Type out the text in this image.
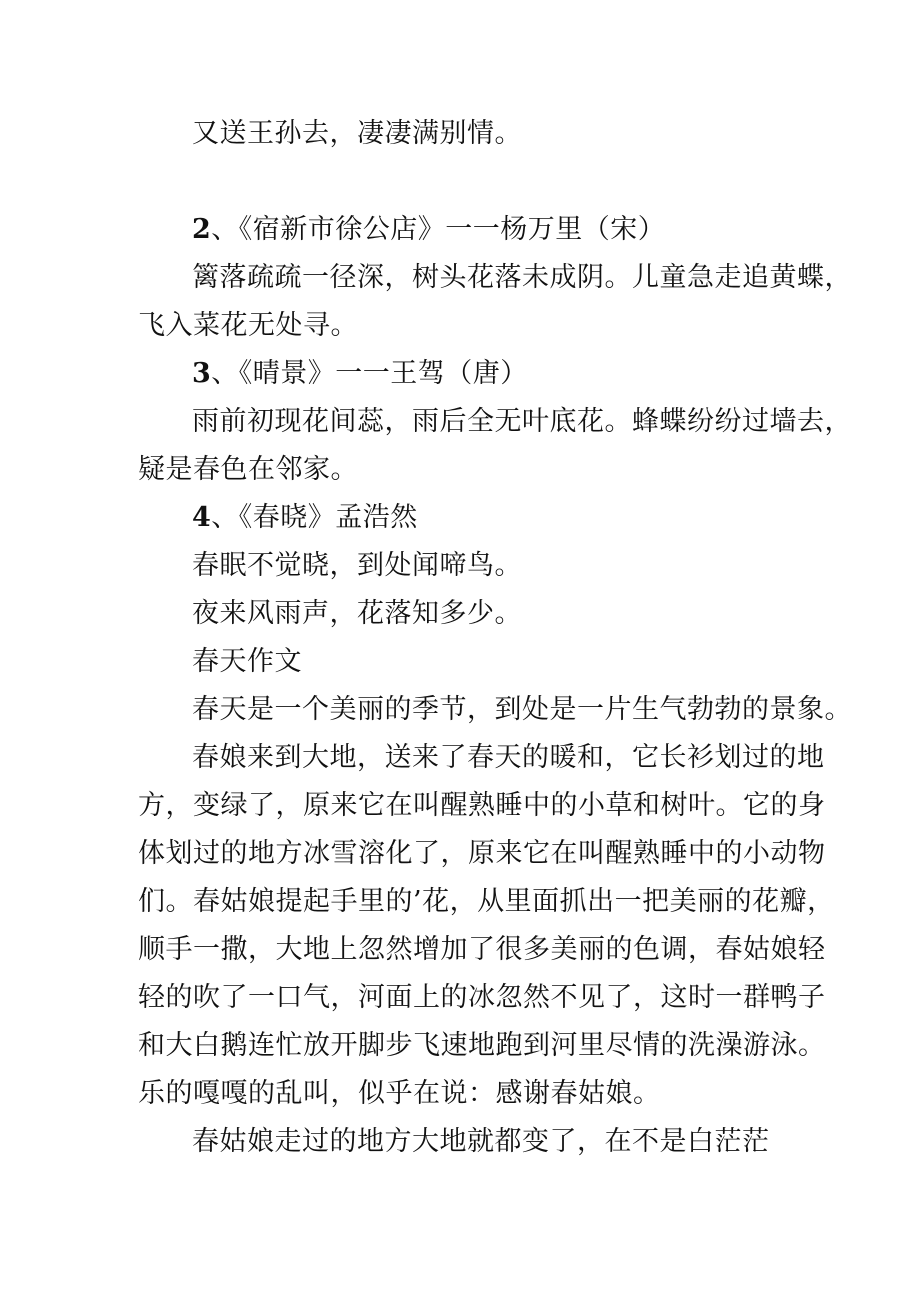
又送王孙去，凄凄满别情。
2、《宿新市徐公店》一一杨万里（宋）
篱落疏疏一径深，树头花落未成阴。儿童急走追黄蝶，
飞入菜花无处寻。
3、《晴景》一一王驾（唐）
雨前初现花间蕊，雨后全无叶底花。蜂蝶纷纷过墙去，
疑是春色在邻家。
4、《春晓》孟浩然
春眠不觉晓，到处闻啼鸟。
夜来风雨声，花落知多少。
春天作文
春天是一个美丽的季节，到处是一片生气勃勃的景象。
春娘来到大地，送来了春天的暖和，它长衫划过的地
方，变绿了，原来它在叫醒熟睡中的小草和树叶。它的身
体划过的地方冰雪溶化了，原来它在叫醒熟睡中的小动物
们。春姑娘提起手里的’花，从里面抓出一把美丽的花瓣，
顺手一撒，大地上忽然增加了很多美丽的色调，春姑娘轻
轻的吹了一口气，河面上的冰忽然不见了，这时一群鸭子
和大白鹅连忙放开脚步飞速地跑到河里尽情的洗澡游泳。
乐的嘎嘎的乱叫，似乎在说：感谢春姑娘。
春姑娘走过的地方大地就都变了，在不是白茫茫
